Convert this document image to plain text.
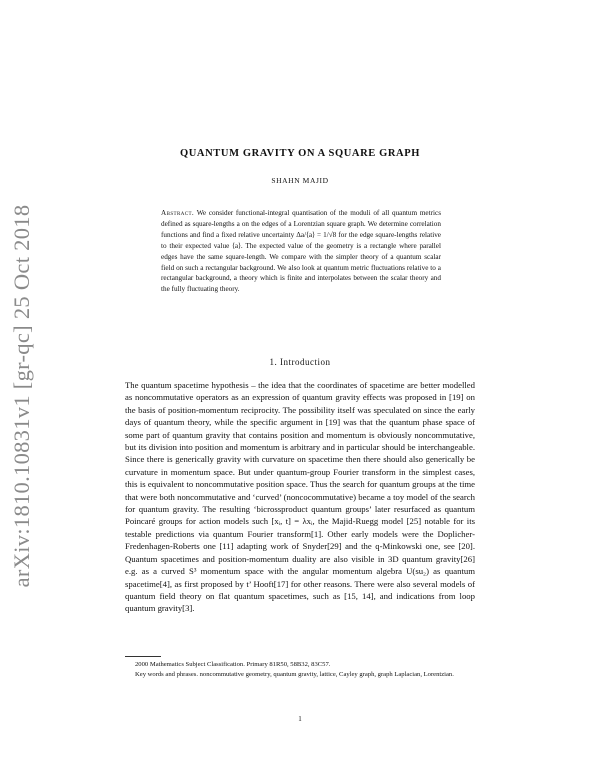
arXiv:1810.10831v1 [gr-qc] 25 Oct 2018
QUANTUM GRAVITY ON A SQUARE GRAPH
SHAHN MAJID
Abstract. We consider functional-integral quantisation of the moduli of all quantum metrics defined as square-lengths a on the edges of a Lorentzian square graph. We determine correlation functions and find a fixed relative uncertainty Δa/⟨a⟩ = 1/√8 for the edge square-lengths relative to their expected value ⟨a⟩. The expected value of the geometry is a rectangle where parallel edges have the same square-length. We compare with the simpler theory of a quantum scalar field on such a rectangular background. We also look at quantum metric fluctuations relative to a rectangular background, a theory which is finite and interpolates between the scalar theory and the fully fluctuating theory.
1. Introduction
The quantum spacetime hypothesis – the idea that the coordinates of spacetime are better modelled as noncommutative operators as an expression of quantum gravity effects was proposed in [19] on the basis of position-momentum reciprocity. The possibility itself was speculated on since the early days of quantum theory, while the specific argument in [19] was that the quantum phase space of some part of quantum gravity that contains position and momentum is obviously noncommutative, but its division into position and momentum is arbitrary and in particular should be interchangeable. Since there is generically gravity with curvature on spacetime then there should also generically be curvature in momentum space. But under quantum-group Fourier transform in the simplest cases, this is equivalent to noncommutative position space. Thus the search for quantum groups at the time that were both noncommutative and ‘curved’ (noncocommutative) became a toy model of the search for quantum gravity. The resulting ‘bicrossproduct quantum groups’ later resurfaced as quantum Poincaré groups for action models such [xᵢ, t] = λxᵢ, the Majid-Ruegg model [25] notable for its testable predictions via quantum Fourier transform[1]. Other early models were the Doplicher-Fredenhagen-Roberts one [11] adapting work of Snyder[29] and the q-Minkowski one, see [20]. Quantum spacetimes and position-momentum duality are also visible in 3D quantum gravity[26] e.g. as a curved S³ momentum space with the angular momentum algebra U(su₂) as quantum spacetime[4], as first proposed by t’ Hooft[17] for other reasons. There were also several models of quantum field theory on flat quantum spacetimes, such as [15, 14], and indications from loop quantum gravity[3].

2000 Mathematics Subject Classification. Primary 81R50, 58B32, 83C57.

Key words and phrases. noncommutative geometry, quantum gravity, lattice, Cayley graph, graph Laplacian, Lorentzian.

1
